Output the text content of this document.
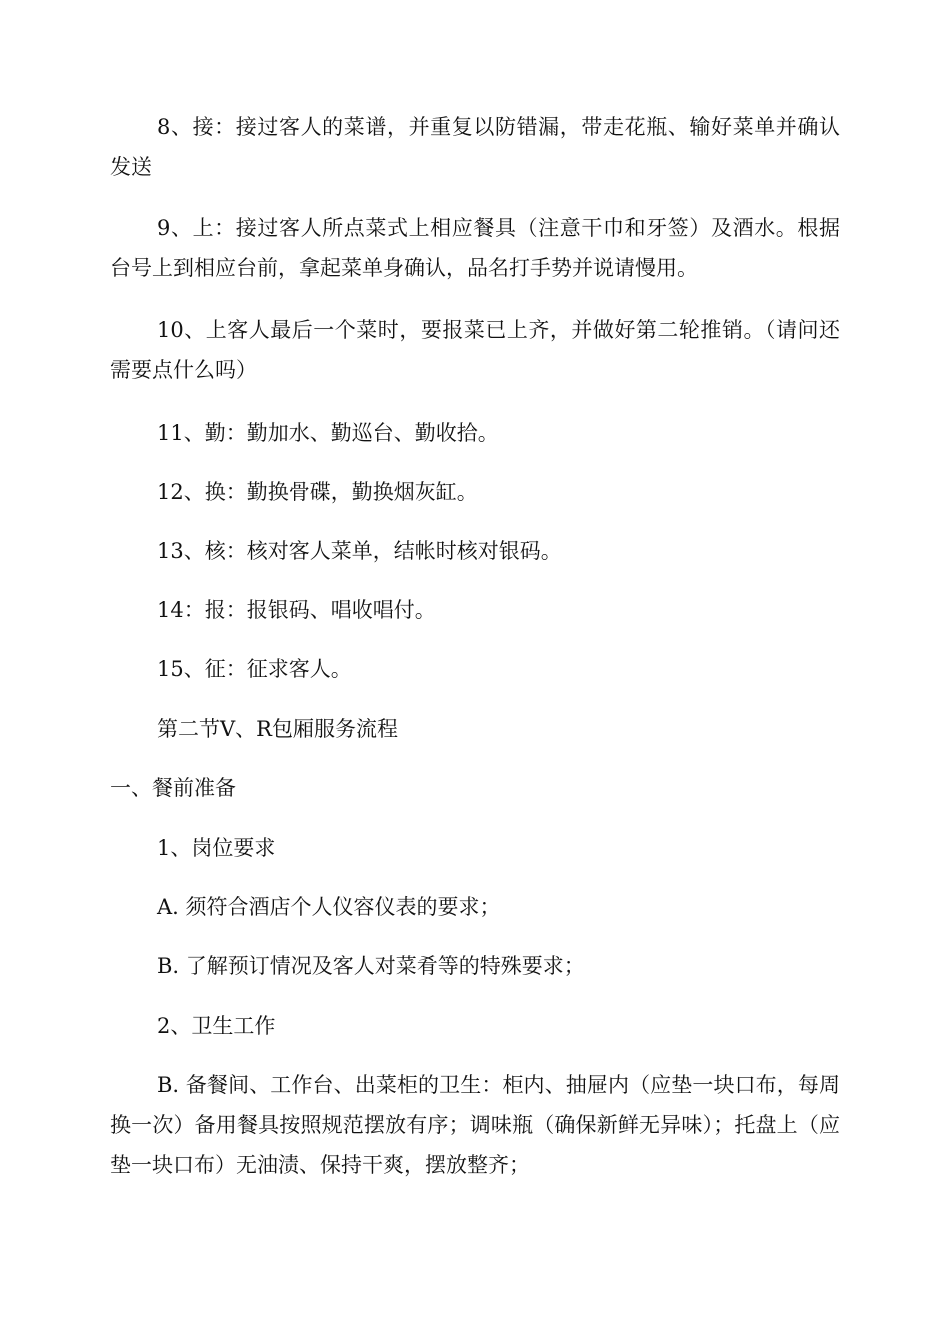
8、接：接过客人的菜谱，并重复以防错漏，带走花瓶、输好菜单并确认发送

9、上：接过客人所点菜式上相应餐具（注意干巾和牙签）及酒水。根据台号上到相应台前，拿起菜单身确认，品名打手势并说请慢用。

10、上客人最后一个菜时，要报菜已上齐，并做好第二轮推销。（请问还需要点什么吗）

11、勤：勤加水、勤巡台、勤收拾。

12、换：勤换骨碟，勤换烟灰缸。

13、核：核对客人菜单，结帐时核对银码。

14：报：报银码、唱收唱付。

15、征：征求客人。

第二节V、R包厢服务流程

一、餐前准备

1、岗位要求

A. 须符合酒店个人仪容仪表的要求；

B. 了解预订情况及客人对菜肴等的特殊要求；

2、卫生工作

B. 备餐间、工作台、出菜柜的卫生：柜内、抽屉内（应垫一块口布，每周换一次）备用餐具按照规范摆放有序；调味瓶（确保新鲜无异味）；托盘上（应垫一块口布）无油渍、保持干爽，摆放整齐；
